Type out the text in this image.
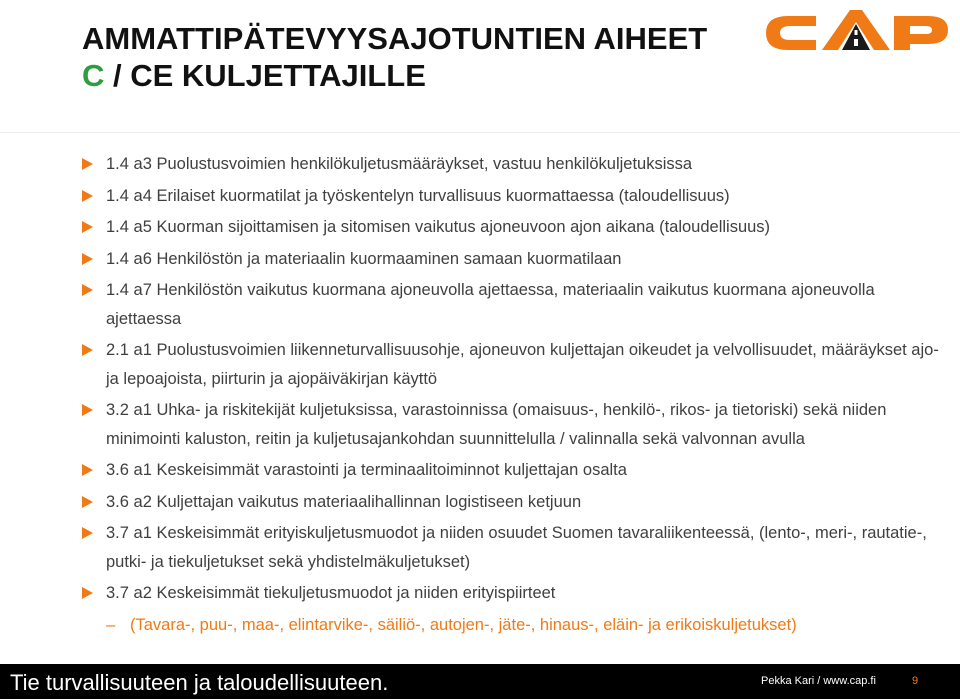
AMMATTIPÄTEVYYSAJOTUNTIEN AIHEET
C / CE KULJETTAJILLE
1.4 a3 Puolustusvoimien henkilökuljetusmääräykset, vastuu henkilökuljetuksissa
1.4 a4 Erilaiset kuormatilat ja työskentelyn turvallisuus kuormattaessa (taloudellisuus)
1.4 a5 Kuorman sijoittamisen ja sitomisen vaikutus ajoneuvoon ajon aikana (taloudellisuus)
1.4 a6 Henkilöstön ja materiaalin kuormaaminen samaan kuormatilaan
1.4 a7 Henkilöstön vaikutus kuormana ajoneuvolla ajettaessa, materiaalin vaikutus kuormana ajoneuvolla ajettaessa
2.1 a1 Puolustusvoimien liikenneturvallisuusohje, ajoneuvon kuljettajan oikeudet ja velvollisuudet, määräykset ajo- ja lepoajoista, piirturin ja ajopäiväkirjan käyttö
3.2 a1 Uhka- ja riskitekijät kuljetuksissa, varastoinnissa (omaisuus-, henkilö-, rikos- ja tietoriski) sekä niiden minimointi kaluston, reitin ja kuljetusajankohdan suunnittelulla / valinnalla sekä valvonnan avulla
3.6 a1 Keskeisimmät varastointi ja terminaalitoiminnot kuljettajan osalta
3.6 a2 Kuljettajan vaikutus materiaalihallinnan logistiseen ketjuun
3.7 a1 Keskeisimmät erityiskuljetusmuodot ja niiden osuudet Suomen tavaraliikenteessä, (lento-, meri-, rautatie-, putki- ja tiekuljetukset sekä yhdistelmäkuljetukset)
3.7 a2 Keskeisimmät tiekuljetusmuodot ja niiden erityispiirteet
– (Tavara-, puu-, maa-, elintarvike-, säiliö-, autojen-, jäte-, hinaus-, eläin- ja erikoiskuljetukset)
Tie turvallisuuteen ja taloudellisuuteen.	Pekka Kari / www.cap.fi	9
